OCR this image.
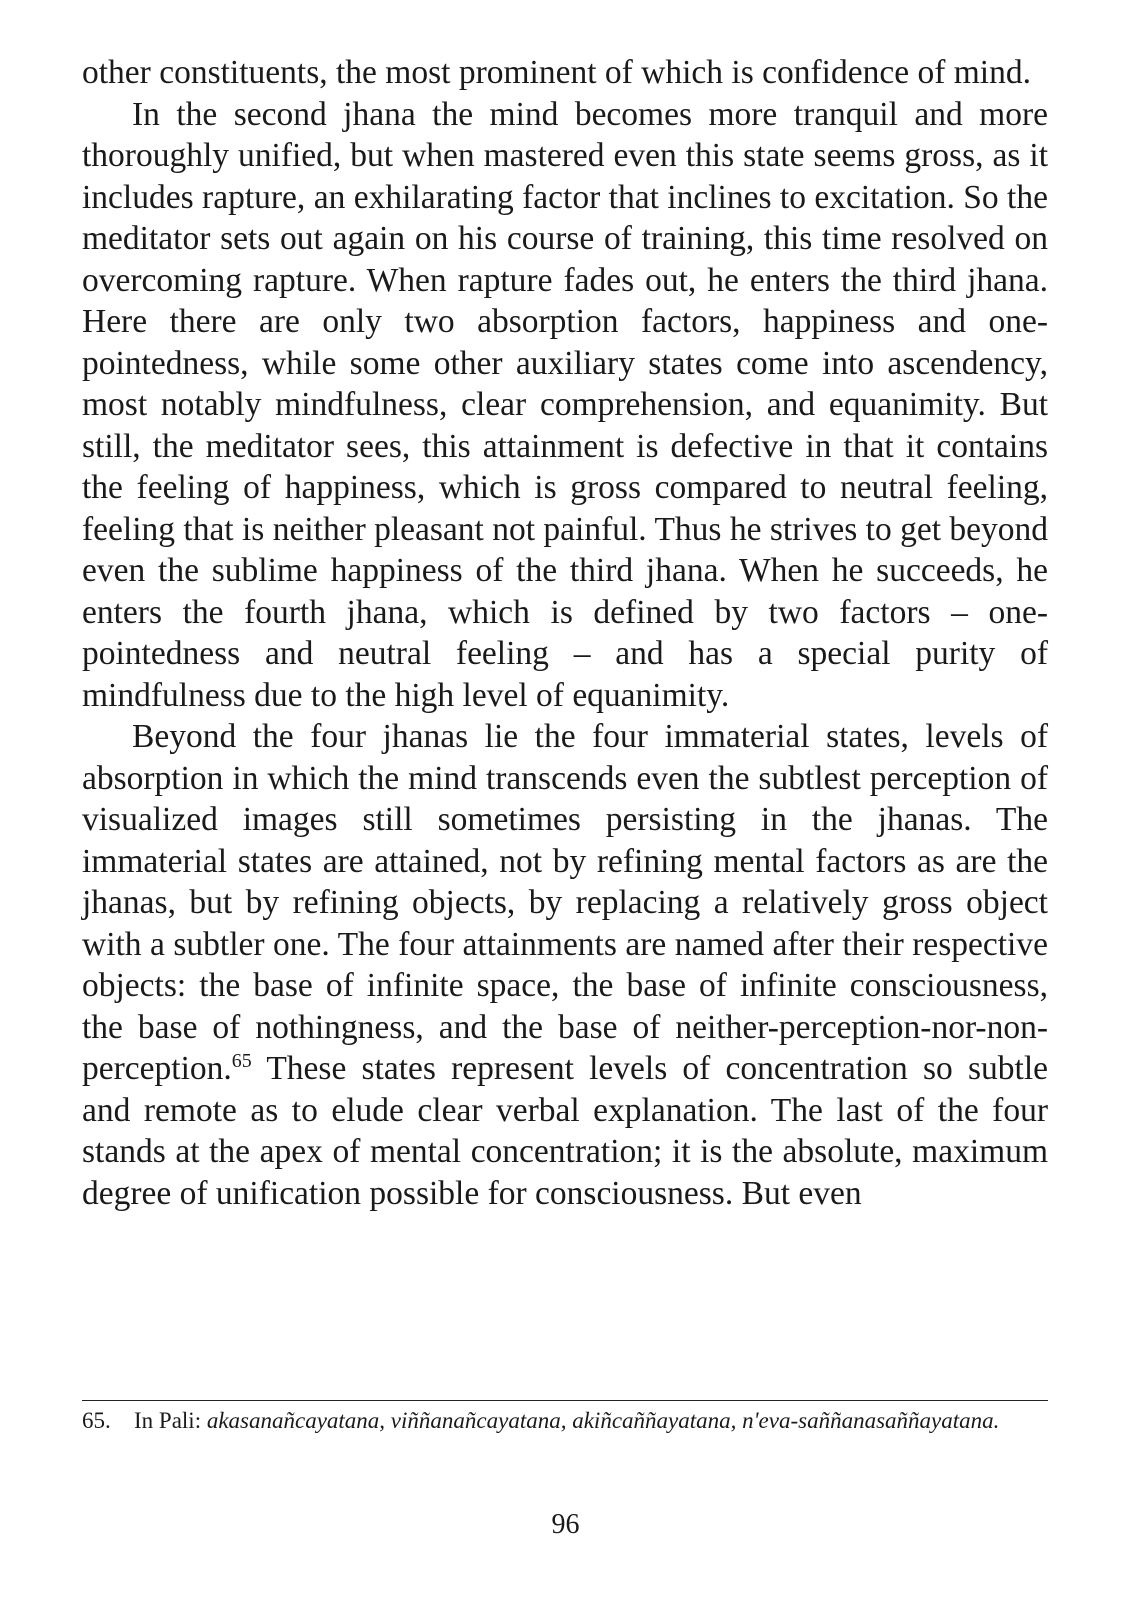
other constituents, the most prominent of which is confidence of mind.

In the second jhana the mind becomes more tranquil and more thoroughly unified, but when mastered even this state seems gross, as it includes rapture, an exhilarating factor that inclines to excitation. So the meditator sets out again on his course of training, this time resolved on overcoming rapture. When rapture fades out, he enters the third jhana. Here there are only two absorption factors, happiness and one-pointedness, while some other auxiliary states come into ascendency, most notably mindfulness, clear comprehension, and equanimity. But still, the meditator sees, this attainment is defective in that it contains the feeling of happiness, which is gross compared to neutral feeling, feeling that is neither pleasant not painful. Thus he strives to get beyond even the sublime happiness of the third jhana. When he succeeds, he enters the fourth jhana, which is defined by two factors – one-pointedness and neutral feeling – and has a special purity of mindfulness due to the high level of equanimity.

Beyond the four jhanas lie the four immaterial states, levels of absorption in which the mind transcends even the subtlest perception of visualized images still sometimes persisting in the jhanas. The immaterial states are attained, not by refining mental factors as are the jhanas, but by refining objects, by replacing a relatively gross object with a subtler one. The four attainments are named after their respective objects: the base of infinite space, the base of infinite consciousness, the base of nothingness, and the base of neither-perception-nor-non-perception.$^{65}$ These states represent levels of concentration so subtle and remote as to elude clear verbal explanation. The last of the four stands at the apex of mental concentration; it is the absolute, maximum degree of unification possible for consciousness. But even

65. In Pali: akasanañcayatana, viññanañcayatana, akiñcaññayatana, n'eva-saññanasaññayatana.
96
